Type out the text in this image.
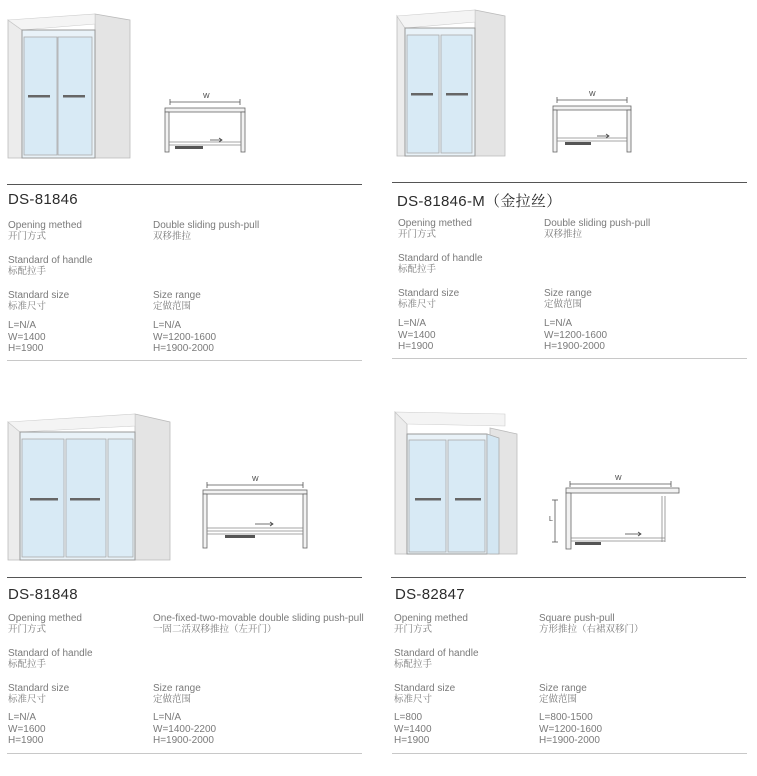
W
DS-81846
Opening methed
开门方式
Double sliding push-pull
双移推拉
Standard of handle
标配拉手
Standard size
标准尺寸
Size range
定做范围
L=N/A
W=1400
H=1900
L=N/A
W=1200-1600
H=1900-2000
W
DS-81846-M（金拉丝）
Opening methed
开门方式
Double sliding push-pull
双移推拉
Standard of handle
标配拉手
Standard size
标准尺寸
Size range
定做范围
L=N/A
W=1400
H=1900
L=N/A
W=1200-1600
H=1900-2000
W
DS-81848
Opening methed
开门方式
One-fixed-two-movable double sliding push-pull
一固二活双移推拉（左开门）
Standard of handle
标配拉手
Standard size
标准尺寸
Size range
定做范围
L=N/A
W=1600
H=1900
L=N/A
W=1400-2200
H=1900-2000
W
L
DS-82847
Opening methed
开门方式
Square push-pull
方形推拉（右裙双移门）
Standard of handle
标配拉手
Standard size
标准尺寸
Size range
定做范围
L=800
W=1400
H=1900
L=800-1500
W=1200-1600
H=1900-2000
